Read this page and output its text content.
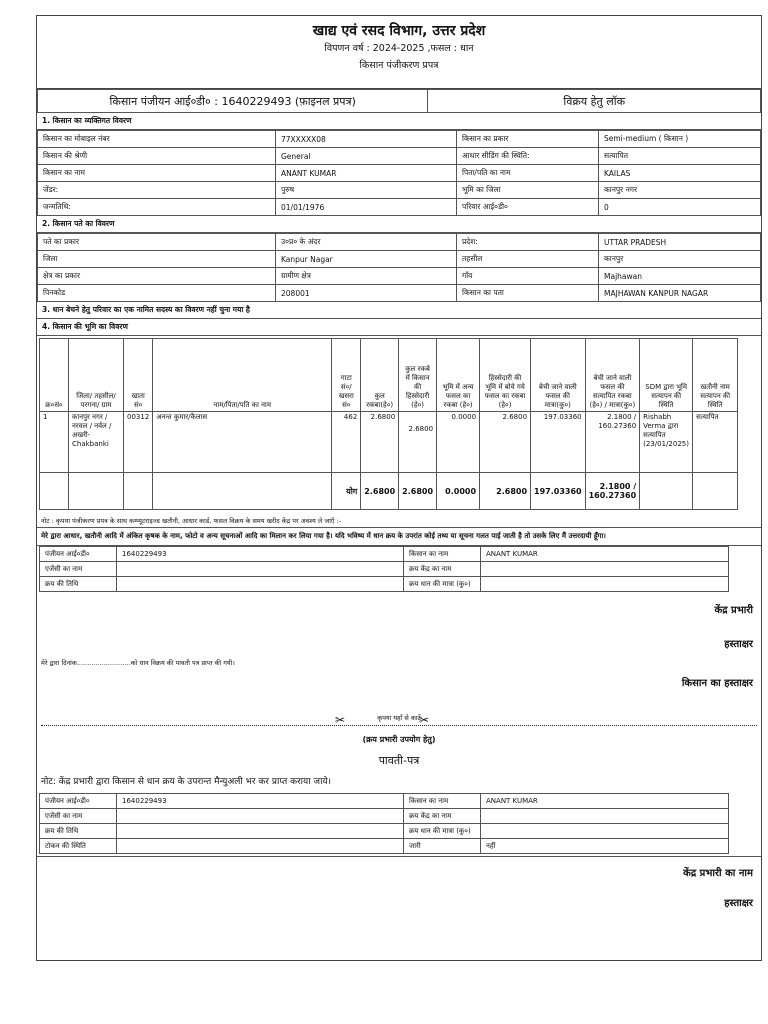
खाद्य एवं रसद विभाग, उत्तर प्रदेश
विपणन वर्ष : 2024-2025 ,फसल : धान
किसान पंजीकरण प्रपत्र
किसान पंजीयन आई०डी० : 1640229493 (फ़ाइनल प्रपत्र)	विक्रय हेतु लॉक
1. किसान का व्यक्तिगत विवरण
किसान का मोबाइल नंबर	77XXXXX08	किसान का प्रकार	Semi-medium ( किसान )
किसान की श्रेणी	General	आधार सीडिंग की स्थिति:	सत्यापित
किसान का नाम	ANANT KUMAR	पिता/पति का नाम	KAILAS
जेंडर:	पुरुष	भूमि का जिला	कानपुर नगर
जन्मतिथि:	01/01/1976	परिवार आई०डी०	0
2. किसान पते का विवरण
पते का प्रकार	उ०प्र० के अंदर	प्रदेश:	UTTAR PRADESH
जिला	Kanpur Nagar	तहसील	कानपुर
क्षेत्र का प्रकार	ग्रामीण क्षेत्र	गाँव	Majhawan
पिनकोड	208001	किसान का पता	MAJHAWAN KANPUR NAGAR
3. धान बेचने हेतु परिवार का एक नामित सदस्य का विवरण नहीं चुना गया है
4. किसान की भूमि का विवरण
क्र०सं०	जिला/ तहसील/ परगना/ ग्राम	खाता सं०	नाम/पिता/पति का नाम	गाटा सं०/ खसरा सं०	कुल रकबा(हे०)	कुल रकबे में किसान की हिस्सेदारी (हे०)	भूमि में अन्य फसल का रकबा (हे०)	हिस्सेदारी की भूमि में बोये गये फसल का रकबा (हे०)	बेची जाने वाली फसल की मात्रा(कु०)	बेची जाने वाली फसल की सत्यापित रकबा (हे०) / मात्रा(कु०)	SDM द्वारा भूमि सत्यापन की स्थिति	खतौनी नाम सत्यापन की स्थिति
1	कानपुर नगर / नरवल / नर्वल / अखरी-Chakbanki	00312	अनन्त कुमार/कैलास	462	2.6800	2.6800	0.0000	2.6800	197.03360	2.1800 / 160.27360	Rishabh Verma द्वारा सत्यापित (23/01/2025)	सत्यापित
				योग	2.6800	2.6800	0.0000	2.6800	197.03360	2.1800 / 160.27360		
नोट : कृपया पंजीकरण प्रपत्र के साथ कम्प्यूटराइज्ड खतौनी, आधार कार्ड, फसल विक्रय के समय खरीद केंद्र पर अवश्य ले जाएँ :-
मेरे द्वारा आधार, खतौनी आदि में अंकित कृषक के नाम, फोटो व अन्य सूचनाओं आदि का मिलान कर लिया गया है। यदि भविष्य में धान क्रय के उपरांत कोई तथ्य या सूचना गलत पाई जाती है तो उसके लिए मैं उत्तरदायी हूँगा।
पंजीयन आई०डी०	1640229493	किसान का नाम	ANANT KUMAR
एजेंसी का नाम		क्रय केंद्र का नाम	
क्रय की तिथि		क्रय धान की मात्रा (कु०)	
केंद्र प्रभारी
हस्ताक्षर
मेरे द्वारा दिनांक..........................को धान विक्रय की पावती पत्र प्राप्त की गयी।
किसान का हस्ताक्षर
✂	कृपया यहाँ से काटें
✂
(क्रय प्रभारी उपयोग हेतु)
पावती-पत्र
नोट: केंद्र प्रभारी द्वारा किसान से धान क्रय के उपरान्त मैन्युअली भर कर प्राप्त कराया जाये।
पंजीयन आई०डी०	1640229493	किसान का नाम	ANANT KUMAR
एजेंसी का नाम		क्रय केंद्र का नाम	
क्रय की तिथि		क्रय धान की मात्रा (कु०)	
टोकन की स्थिति		जारी	नहीं
केंद्र प्रभारी का नाम
हस्ताक्षर
